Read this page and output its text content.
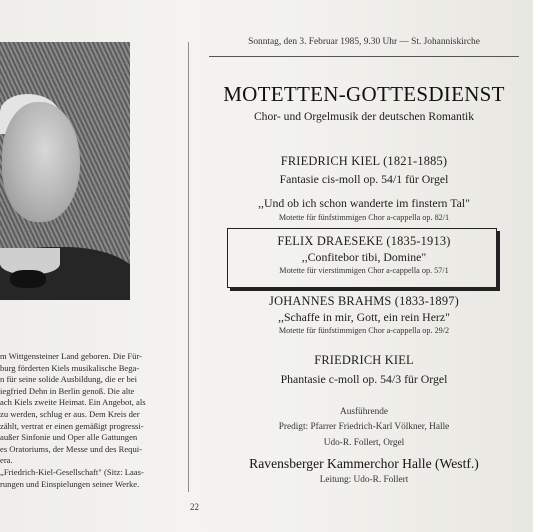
m Wittgensteiner Land geboren. Die Für-
burg förderten Kiels musikalische Bega-
n für seine solide Ausbildung, die er bei
iegfried Dehn in Berlin genoß. Die alte
ach Kiels zweite Heimat. Ein Angebot, als
zu werden, schlug er aus. Dem Kreis der
zählt, vertrat er einen gemäßigt progressi-
außer Sinfonie und Oper alle Gattungen
es Oratoriums, der Messe und des Requi-
era.
„Friedrich-Kiel-Gesellschaft" (Sitz: Laas-
rungen und Einspielungen seiner Werke.
22
Sonntag, den 3. Februar 1985, 9.30 Uhr — St. Johanniskirche
MOTETTEN-GOTTESDIENST
Chor- und Orgelmusik der deutschen Romantik
FRIEDRICH KIEL (1821-1885)
Fantasie cis-moll op. 54/1 für Orgel
,,Und ob ich schon wanderte im finstern Tal"
Motette für fünfstimmigen Chor a-cappella op. 82/1
FELIX DRAESEKE (1835-1913)
,,Confitebor tibi, Domine"
Motette für vierstimmigen Chor a-cappella op. 57/1
JOHANNES BRAHMS (1833-1897)
,,Schaffe in mir, Gott, ein rein Herz"
Motette für fünfstimmigen Chor a-cappella op. 29/2
FRIEDRICH KIEL
Phantasie c-moll op. 54/3 für Orgel
Ausführende
Predigt: Pfarrer Friedrich-Karl Völkner, Halle
Udo-R. Follert, Orgel
Ravensberger Kammerchor Halle (Westf.)
Leitung: Udo-R. Follert
